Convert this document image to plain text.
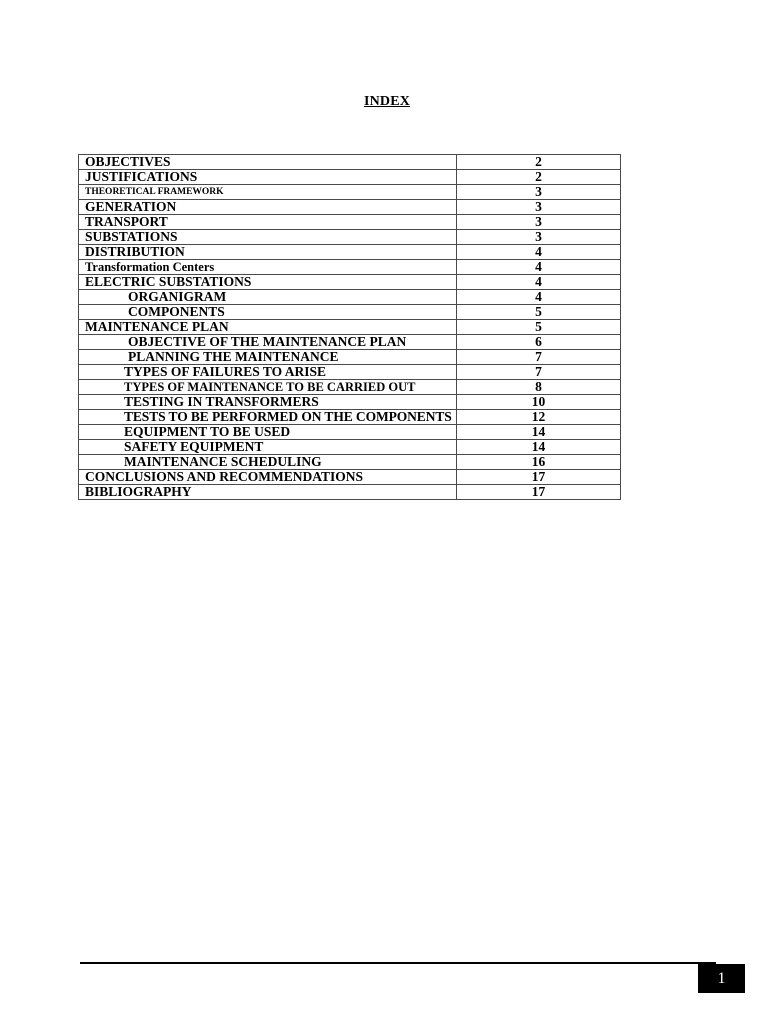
INDEX
OBJECTIVES	2
JUSTIFICATIONS	2
THEORETICAL FRAMEWORK	3
GENERATION	3
TRANSPORT	3
SUBSTATIONS	3
DISTRIBUTION	4
Transformation Centers	4
ELECTRIC SUBSTATIONS	4
ORGANIGRAM	4
COMPONENTS	5
MAINTENANCE PLAN	5
OBJECTIVE OF THE MAINTENANCE PLAN	6
PLANNING THE MAINTENANCE	7
TYPES OF FAILURES TO ARISE	7
TYPES OF MAINTENANCE TO BE CARRIED OUT	8
TESTING IN TRANSFORMERS	10
TESTS TO BE PERFORMED ON THE COMPONENTS	12
EQUIPMENT TO BE USED	14
SAFETY EQUIPMENT	14
MAINTENANCE SCHEDULING	16
CONCLUSIONS AND RECOMMENDATIONS	17
BIBLIOGRAPHY	17
1
